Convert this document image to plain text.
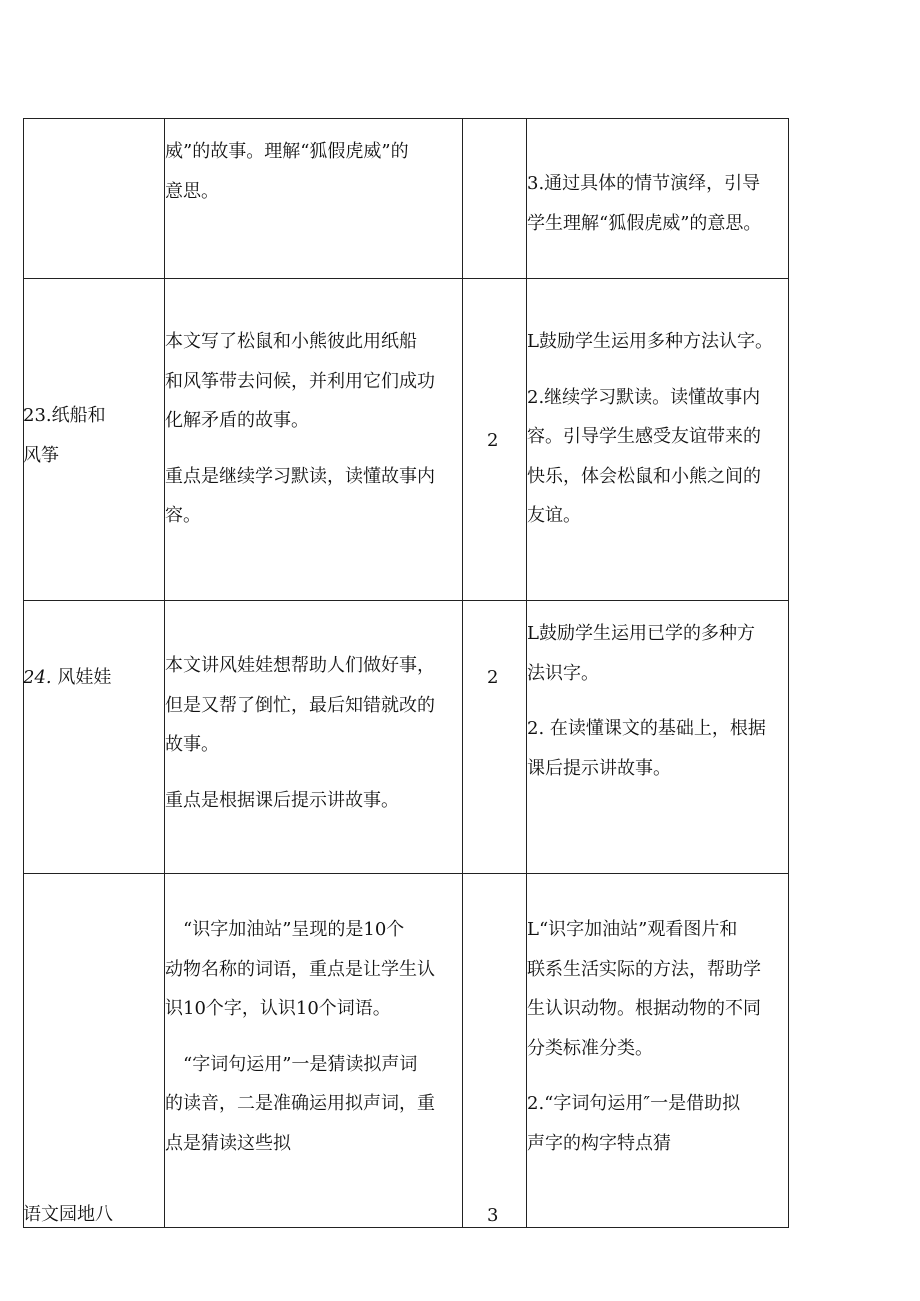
威”的故事。理解“狐假虎威”的

意思。	3.通过具体的情节演绎，引导

学生理解“狐假虎威”的意思。

23.纸船和

风筝

本文写了松鼠和小熊彼此用纸船

和风筝带去问候，并利用它们成功

化解矛盾的故事。

重点是继续学习默读，读懂故事内

容。

2

L鼓励学生运用多种方法认字。

2.继续学习默读。读懂故事内

容。引导学生感受友谊带来的

快乐，体会松鼠和小熊之间的

友谊。

24. 风娃娃

本文讲风娃娃想帮助人们做好事，

但是又帮了倒忙，最后知错就改的

故事。

重点是根据课后提示讲故事。

2

L鼓励学生运用已学的多种方

法识字。

2. 在读懂课文的基础上，根据

课后提示讲故事。

语文园地八

“识字加油站”呈现的是10个

动物名称的词语，重点是让学生认

识10个字，认识10个词语。

“字词句运用”一是猜读拟声词

的读音，二是准确运用拟声词，重

点是猜读这些拟

3

L“识字加油站”观看图片和

联系生活实际的方法，帮助学

生认识动物。根据动物的不同

分类标准分类。

2.“字词句运用″一是借助拟

声字的构字特点猜
